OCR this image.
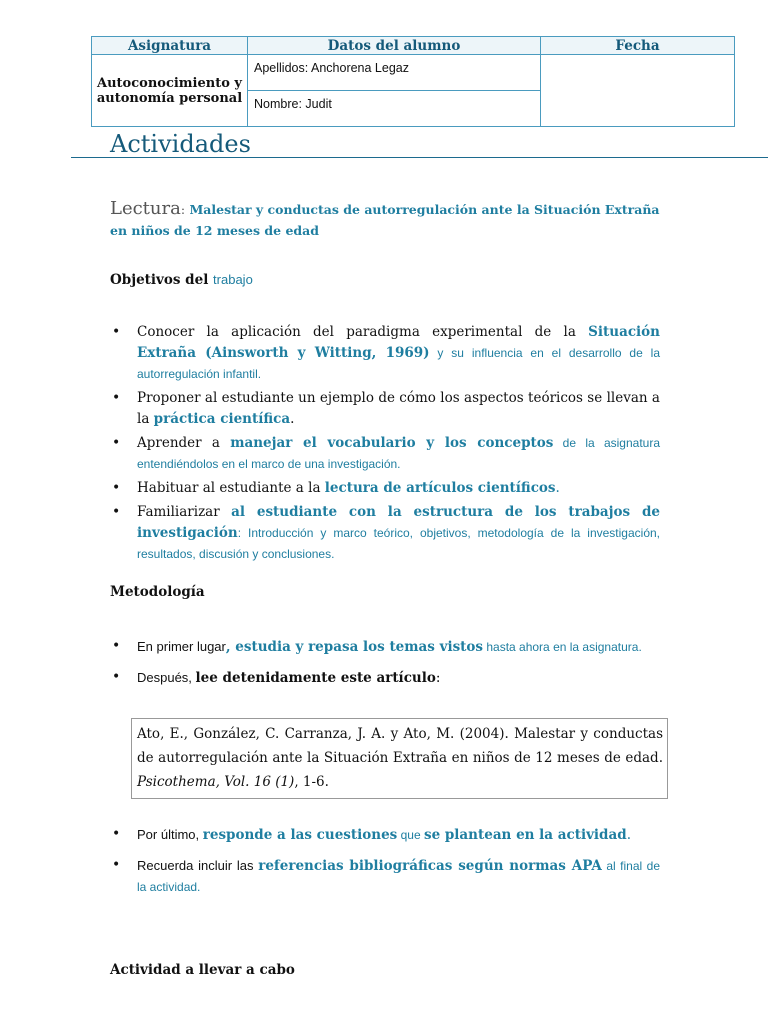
Asignatura	Datos del alumno	Fecha
Autoconocimiento y autonomía personal	Apellidos: Anchorena Legaz	
	Nombre: Judit	
Actividades
Lectura: Malestar y conductas de autorregulación ante la Situación Extraña en niños de 12 meses de edad
Objetivos del trabajo
• Conocer la aplicación del paradigma experimental de la Situación Extraña (Ainsworth y Witting, 1969) y su influencia en el desarrollo de la autorregulación infantil.
• Proponer al estudiante un ejemplo de cómo los aspectos teóricos se llevan a la práctica científica.
• Aprender a manejar el vocabulario y los conceptos de la asignatura entendiéndolos en el marco de una investigación.
• Habituar al estudiante a la lectura de artículos científicos.
• Familiarizar al estudiante con la estructura de los trabajos de investigación: Introducción y marco teórico, objetivos, metodología de la investigación, resultados, discusión y conclusiones.
Metodología
• En primer lugar, estudia y repasa los temas vistos hasta ahora en la asignatura.
• Después, lee detenidamente este artículo:
Ato, E., González, C. Carranza, J. A. y Ato, M. (2004). Malestar y conductas de autorregulación ante la Situación Extraña en niños de 12 meses de edad. Psicothema, Vol. 16 (1), 1-6.
• Por último, responde a las cuestiones que se plantean en la actividad.
• Recuerda incluir las referencias bibliográficas según normas APA al final de la actividad.
Actividad a llevar a cabo
